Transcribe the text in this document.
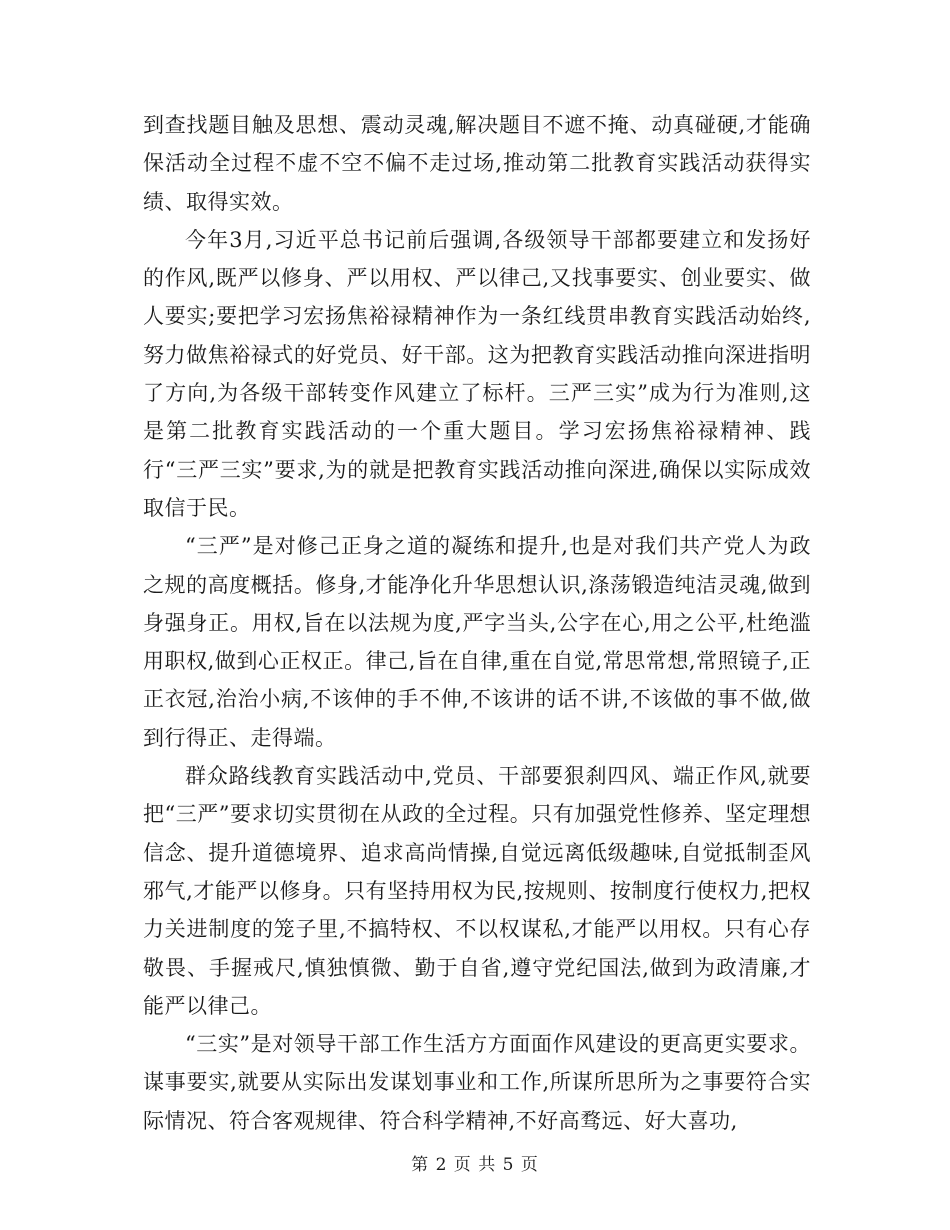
到查找题目触及思想、震动灵魂,解决题目不遮不掩、动真碰硬,才能确保活动全过程不虚不空不偏不走过场,推动第二批教育实践活动获得实绩、取得实效。

今年3月,习近平总书记前后强调,各级领导干部都要建立和发扬好的作风,既严以修身、严以用权、严以律己,又找事要实、创业要实、做人要实;要把学习宏扬焦裕禄精神作为一条红线贯串教育实践活动始终,努力做焦裕禄式的好党员、好干部。这为把教育实践活动推向深进指明了方向,为各级干部转变作风建立了标杆。三严三实”成为行为准则,这是第二批教育实践活动的一个重大题目。学习宏扬焦裕禄精神、践行“三严三实”要求,为的就是把教育实践活动推向深进,确保以实际成效取信于民。

“三严”是对修己正身之道的凝练和提升,也是对我们共产党人为政之规的高度概括。修身,才能净化升华思想认识,涤荡锻造纯洁灵魂,做到身强身正。用权,旨在以法规为度,严字当头,公字在心,用之公平,杜绝滥用职权,做到心正权正。律己,旨在自律,重在自觉,常思常想,常照镜子,正正衣冠,治治小病,不该伸的手不伸,不该讲的话不讲,不该做的事不做,做到行得正、走得端。

群众路线教育实践活动中,党员、干部要狠刹四风、端正作风,就要把“三严”要求切实贯彻在从政的全过程。只有加强党性修养、坚定理想信念、提升道德境界、追求高尚情操,自觉远离低级趣味,自觉抵制歪风邪气,才能严以修身。只有坚持用权为民,按规则、按制度行使权力,把权力关进制度的笼子里,不搞特权、不以权谋私,才能严以用权。只有心存敬畏、手握戒尺,慎独慎微、勤于自省,遵守党纪国法,做到为政清廉,才能严以律己。

“三实”是对领导干部工作生活方方面面作风建设的更高更实要求。谋事要实,就要从实际出发谋划事业和工作,所谋所思所为之事要符合实际情况、符合客观规律、符合科学精神,不好高骛远、好大喜功,

第 2 页 共 5 页
